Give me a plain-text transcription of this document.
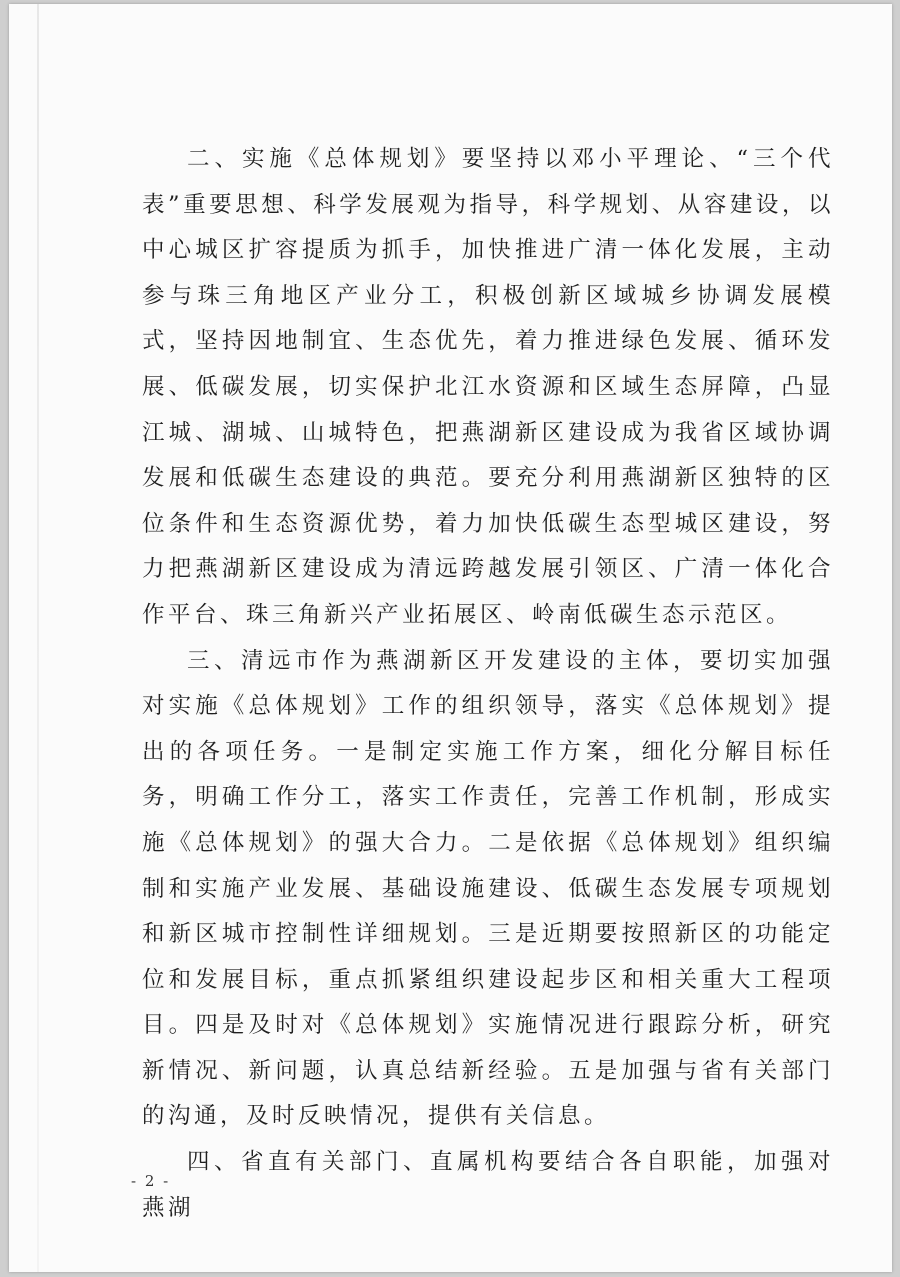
二、实施《总体规划》要坚持以邓小平理论、“三个代表”重要思想、科学发展观为指导，科学规划、从容建设，以中心城区扩容提质为抓手，加快推进广清一体化发展，主动参与珠三角地区产业分工，积极创新区域城乡协调发展模式，坚持因地制宜、生态优先，着力推进绿色发展、循环发展、低碳发展，切实保护北江水资源和区域生态屏障，凸显江城、湖城、山城特色，把燕湖新区建设成为我省区域协调发展和低碳生态建设的典范。要充分利用燕湖新区独特的区位条件和生态资源优势，着力加快低碳生态型城区建设，努力把燕湖新区建设成为清远跨越发展引领区、广清一体化合作平台、珠三角新兴产业拓展区、岭南低碳生态示范区。

三、清远市作为燕湖新区开发建设的主体，要切实加强对实施《总体规划》工作的组织领导，落实《总体规划》提出的各项任务。一是制定实施工作方案，细化分解目标任务，明确工作分工，落实工作责任，完善工作机制，形成实施《总体规划》的强大合力。二是依据《总体规划》组织编制和实施产业发展、基础设施建设、低碳生态发展专项规划和新区城市控制性详细规划。三是近期要按照新区的功能定位和发展目标，重点抓紧组织建设起步区和相关重大工程项目。四是及时对《总体规划》实施情况进行跟踪分析，研究新情况、新问题，认真总结新经验。五是加强与省有关部门的沟通，及时反映情况，提供有关信息。

四、省直有关部门、直属机构要结合各自职能，加强对燕湖

- 2 -
